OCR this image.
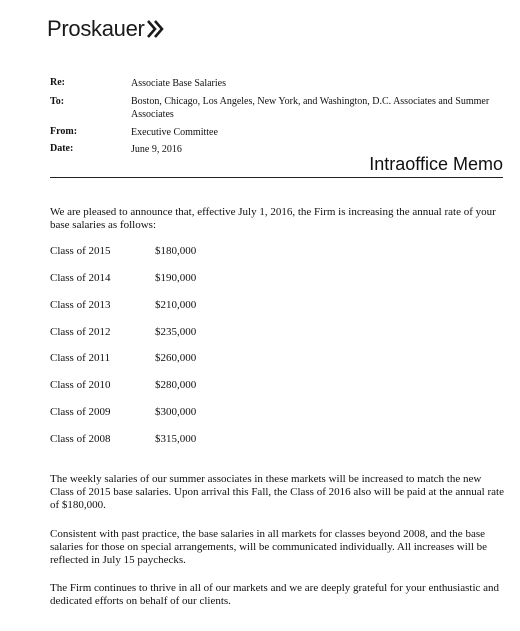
Proskauer
Re:	Associate Base Salaries
To:	Boston, Chicago, Los Angeles, New York, and Washington, D.C. Associates and Summer Associates
From:	Executive Committee
Date:	June 9, 2016
Intraoffice Memo
We are pleased to announce that, effective July 1, 2016, the Firm is increasing the annual rate of your base salaries as follows:
Class of 2015	$180,000
Class of 2014	$190,000
Class of 2013	$210,000
Class of 2012	$235,000
Class of 2011	$260,000
Class of 2010	$280,000
Class of 2009	$300,000
Class of 2008	$315,000
The weekly salaries of our summer associates in these markets will be increased to match the new Class of 2015 base salaries. Upon arrival this Fall, the Class of 2016 also will be paid at the annual rate of $180,000.
Consistent with past practice, the base salaries in all markets for classes beyond 2008, and the base salaries for those on special arrangements, will be communicated individually. All increases will be reflected in July 15 paychecks.
The Firm continues to thrive in all of our markets and we are deeply grateful for your enthusiastic and dedicated efforts on behalf of our clients.
